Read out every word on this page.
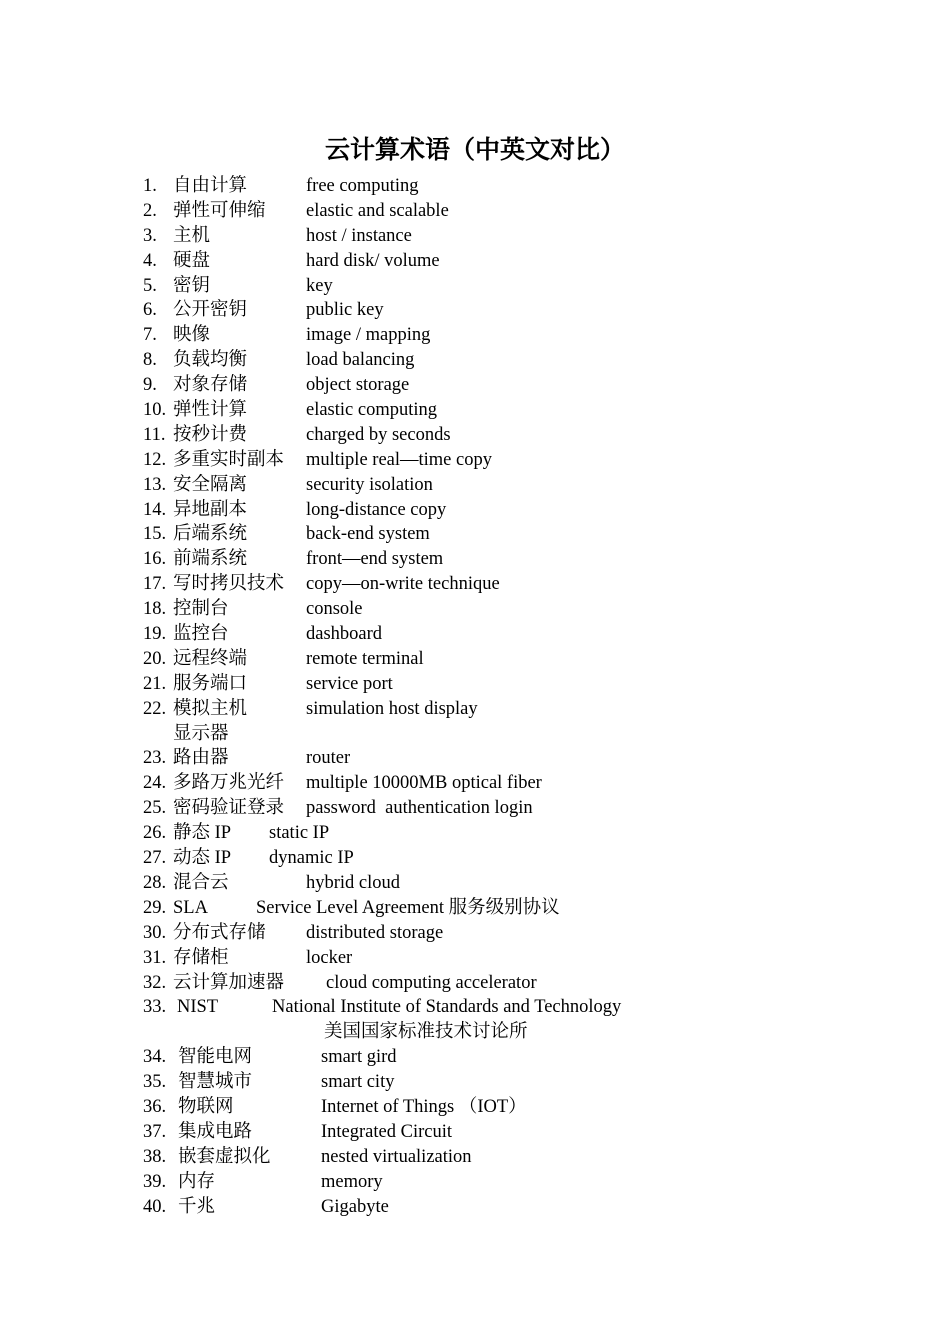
云计算术语（中英文对比）
1. 自由计算	free computing
2. 弹性可伸缩 elastic and scalable
3. 主机	host / instance
4. 硬盘	hard disk/ volume
5. 密钥	key
6. 公开密钥	public key
7. 映像	image / mapping
8. 负载均衡	load balancing
9. 对象存储	object storage
10. 弹性计算	elastic computing
11. 按秒计费	charged by seconds
12. 多重实时副本 multiple real—time copy
13. 安全隔离	security isolation
14. 异地副本	long-distance copy
15. 后端系统	back-end system
16. 前端系统	front—end system
17. 写时拷贝技术 copy—on-write technique
18. 控制台	console
19. 监控台	dashboard
20. 远程终端	remote terminal
21. 服务端口	service port
22. 模拟主机	simulation host display
显示器
23. 路由器	router
24. 多路万兆光纤 multiple 10000MB optical fiber
25. 密码验证登录 password  authentication login
26. 静态 IP static IP
27. 动态 IP dynamic IP
28. 混合云	hybrid cloud
29. SLA	Service Level Agreement 服务级别协议
30. 分布式存储 distributed storage
31. 存储柜	locker
32. 云计算加速器 cloud computing accelerator
33. NIST	National Institute of Standards and Technology
美国国家标准技术讨论所
34. 智能电网	smart gird
35. 智慧城市	smart city
36. 物联网	Internet of Things （IOT）
37. 集成电路	Integrated Circuit
38. 嵌套虚拟化	nested virtualization
39. 内存	memory
40. 千兆	Gigabyte
